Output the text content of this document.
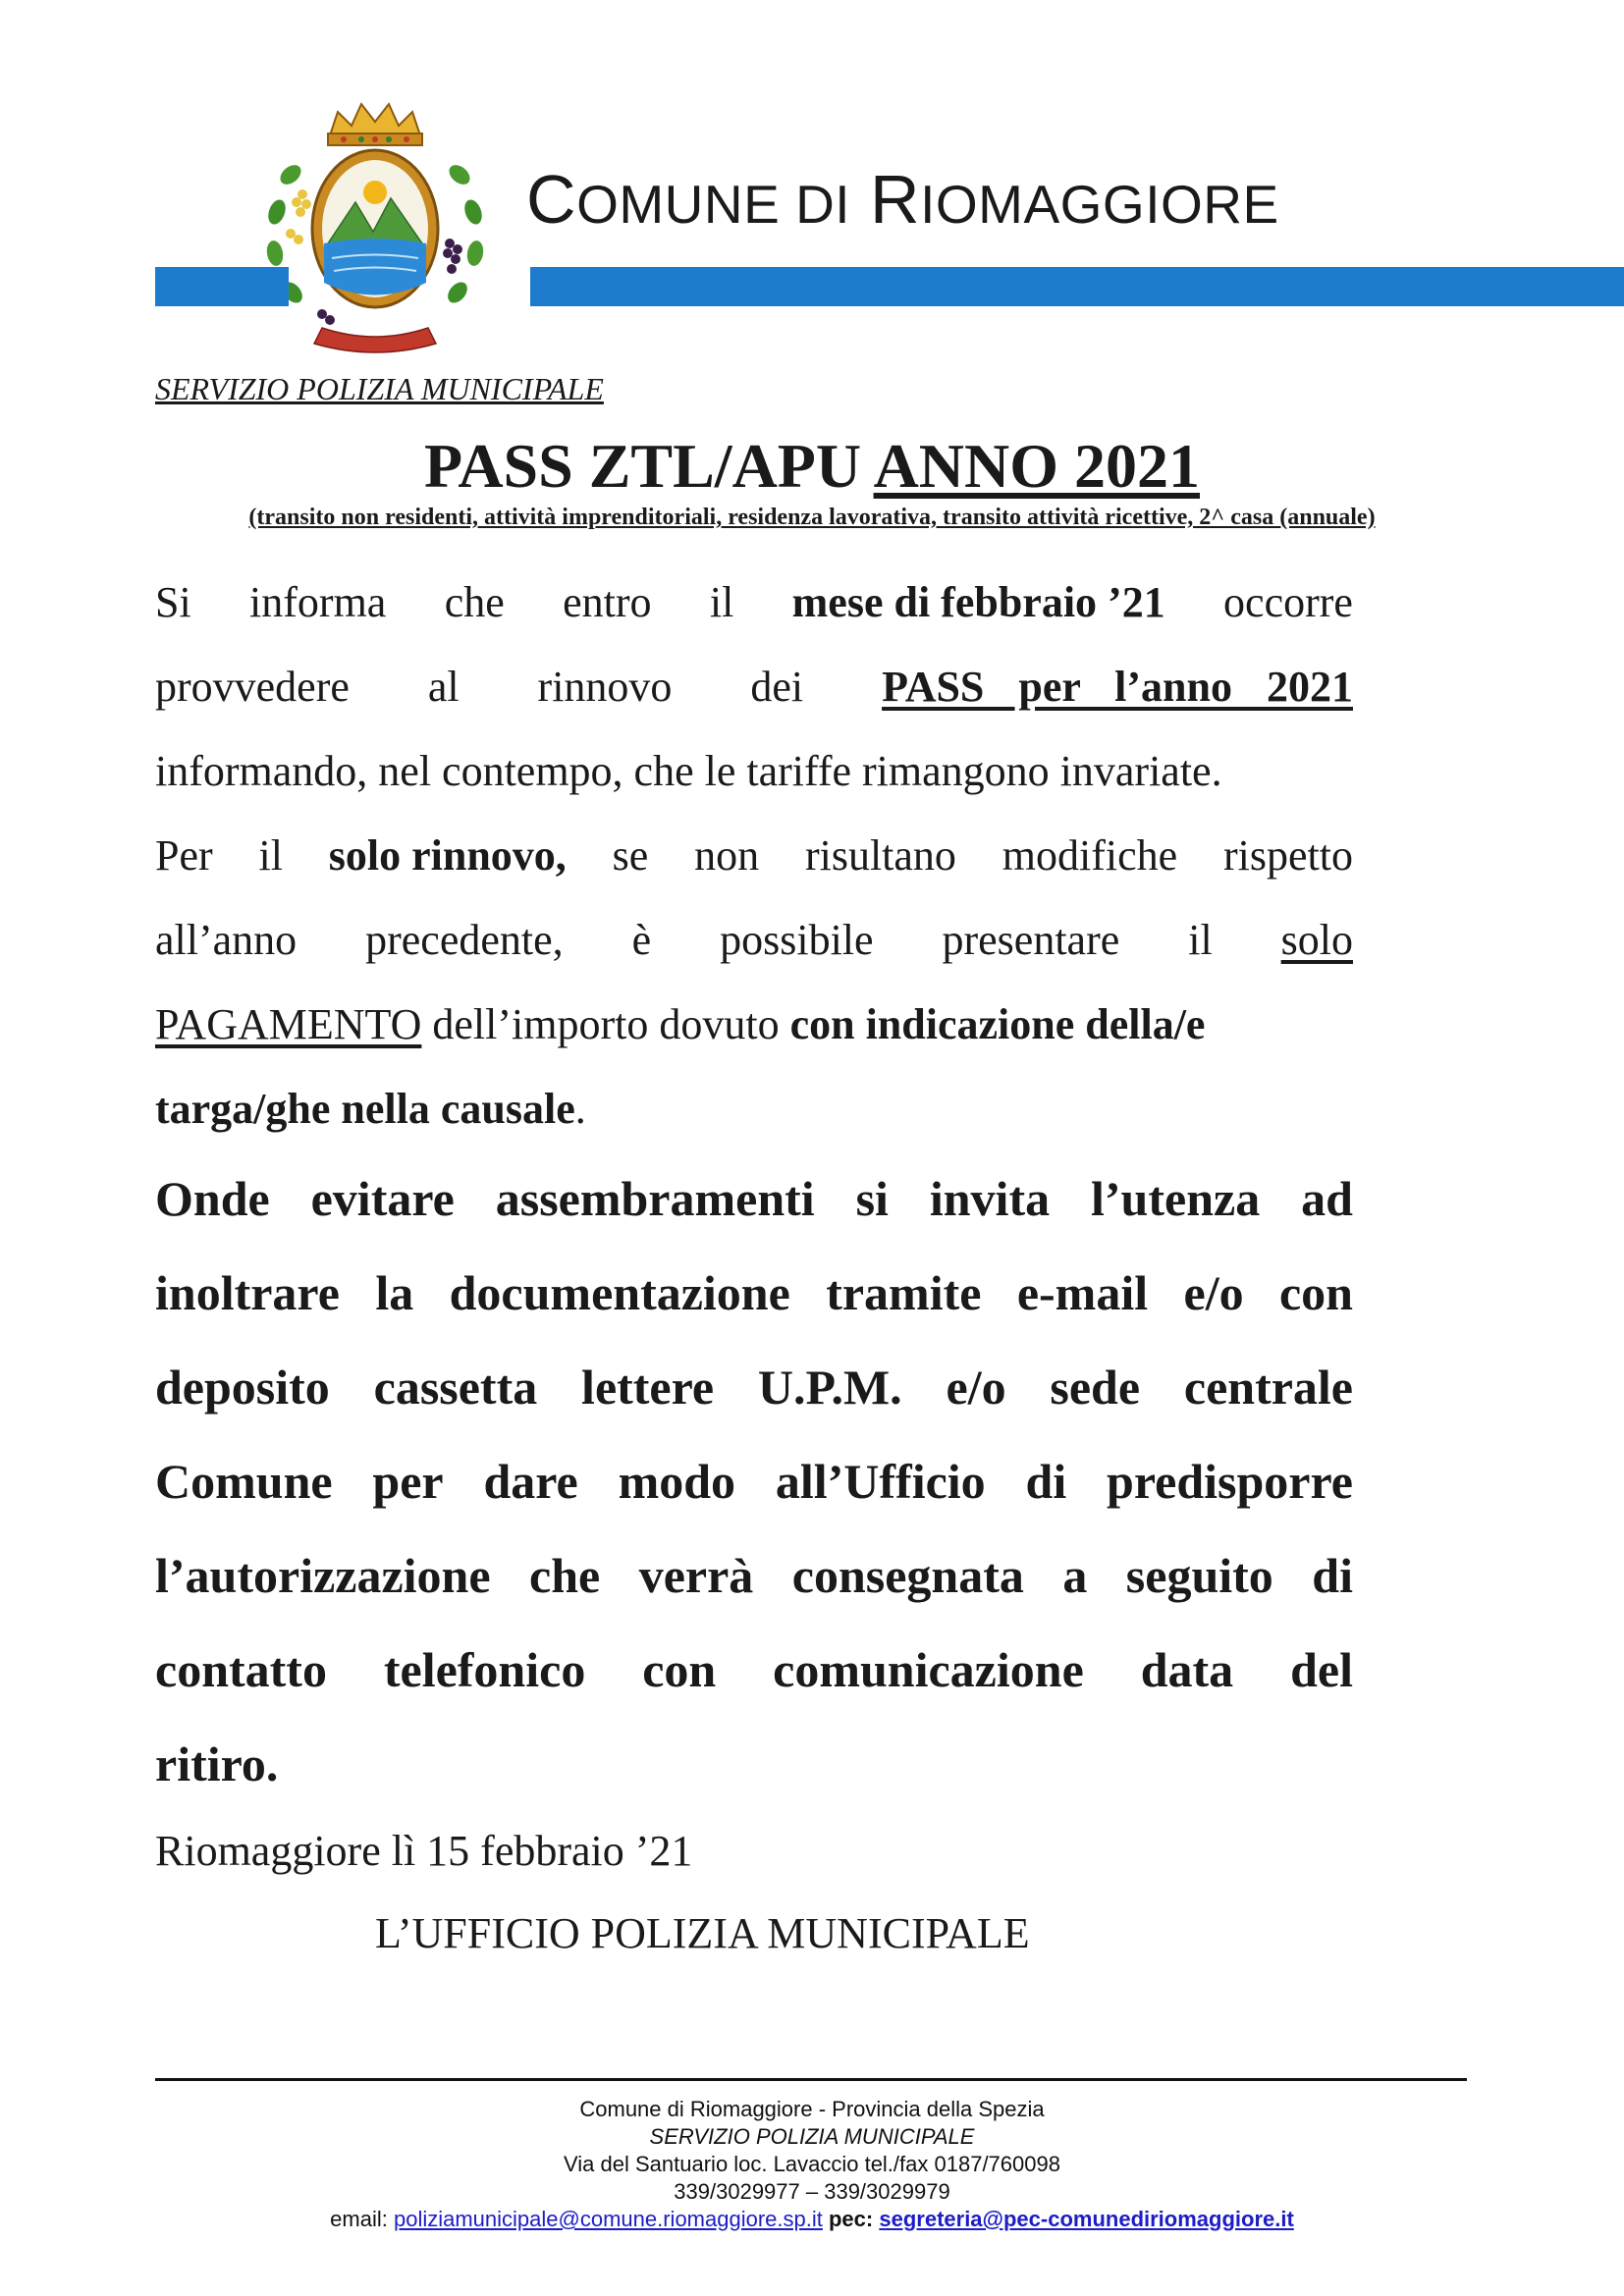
COMUNE DI RIOMAGGIORE
SERVIZIO POLIZIA MUNICIPALE
PASS ZTL/APU ANNO 2021
(transito non residenti, attività imprenditoriali, residenza lavorativa, transito attività ricettive, 2^ casa (annuale)
Si informa che entro il mese di febbraio ’21 occorre
provvedere al rinnovo dei PASS per l’anno 2021
informando, nel contempo, che le tariffe rimangono invariate.
Per il solo rinnovo, se non risultano modifiche rispetto
all’anno precedente, è possibile presentare il solo
PAGAMENTO dell’importo dovuto con indicazione della/e
targa/ghe nella causale.
Onde evitare assembramenti si invita l’utenza ad
inoltrare la documentazione tramite e-mail e/o con
deposito cassetta lettere U.P.M. e/o sede centrale
Comune per dare modo all’Ufficio di predisporre
l’autorizzazione che verrà consegnata a seguito di
contatto telefonico con comunicazione data del
ritiro.
Riomaggiore lì 15 febbraio ’21
L’UFFICIO POLIZIA MUNICIPALE
Comune di Riomaggiore - Provincia della Spezia
SERVIZIO POLIZIA MUNICIPALE
Via del Santuario loc. Lavaccio tel./fax 0187/760098
339/3029977 – 339/3029979
email: poliziamunicipale@comune.riomaggiore.sp.it pec: segreteria@pec-comunediriomaggiore.it
